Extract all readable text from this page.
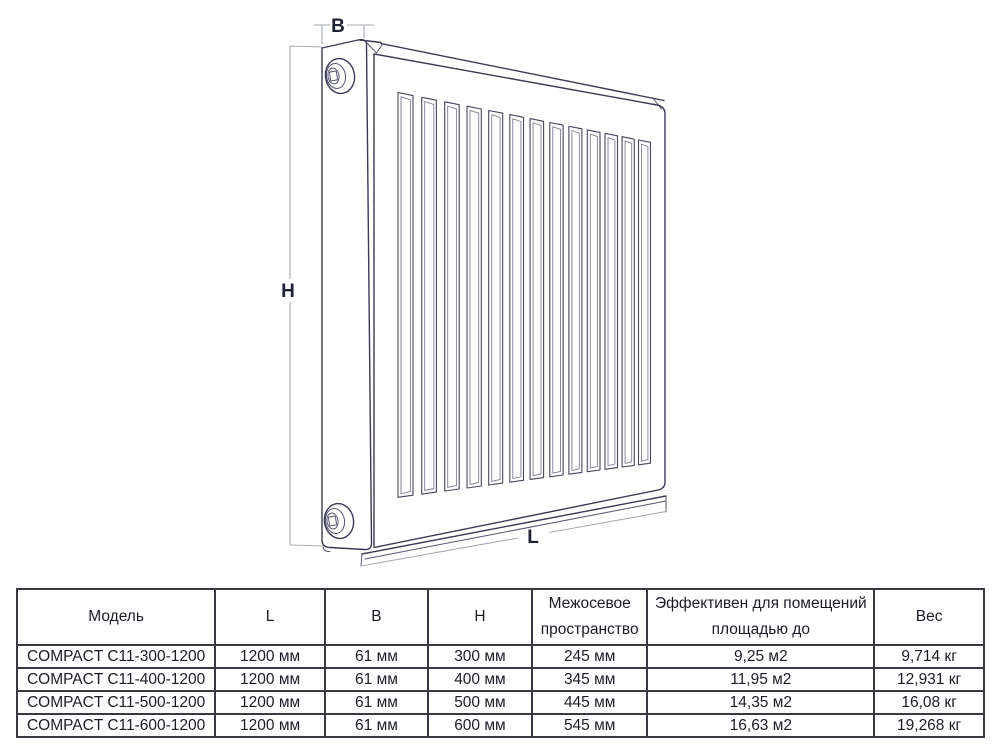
H
B
L
Модель	L	B	H	Межосевое пространство	Эффективен для помещений площадью до	Вес
COMPACT C11-300-1200	1200 мм	61 мм	300 мм	245 мм	9,25 м2	9,714 кг
COMPACT C11-400-1200	1200 мм	61 мм	400 мм	345 мм	11,95 м2	12,931 кг
COMPACT C11-500-1200	1200 мм	61 мм	500 мм	445 мм	14,35 м2	16,08 кг
COMPACT C11-600-1200	1200 мм	61 мм	600 мм	545 мм	16,63 м2	19,268 кг
